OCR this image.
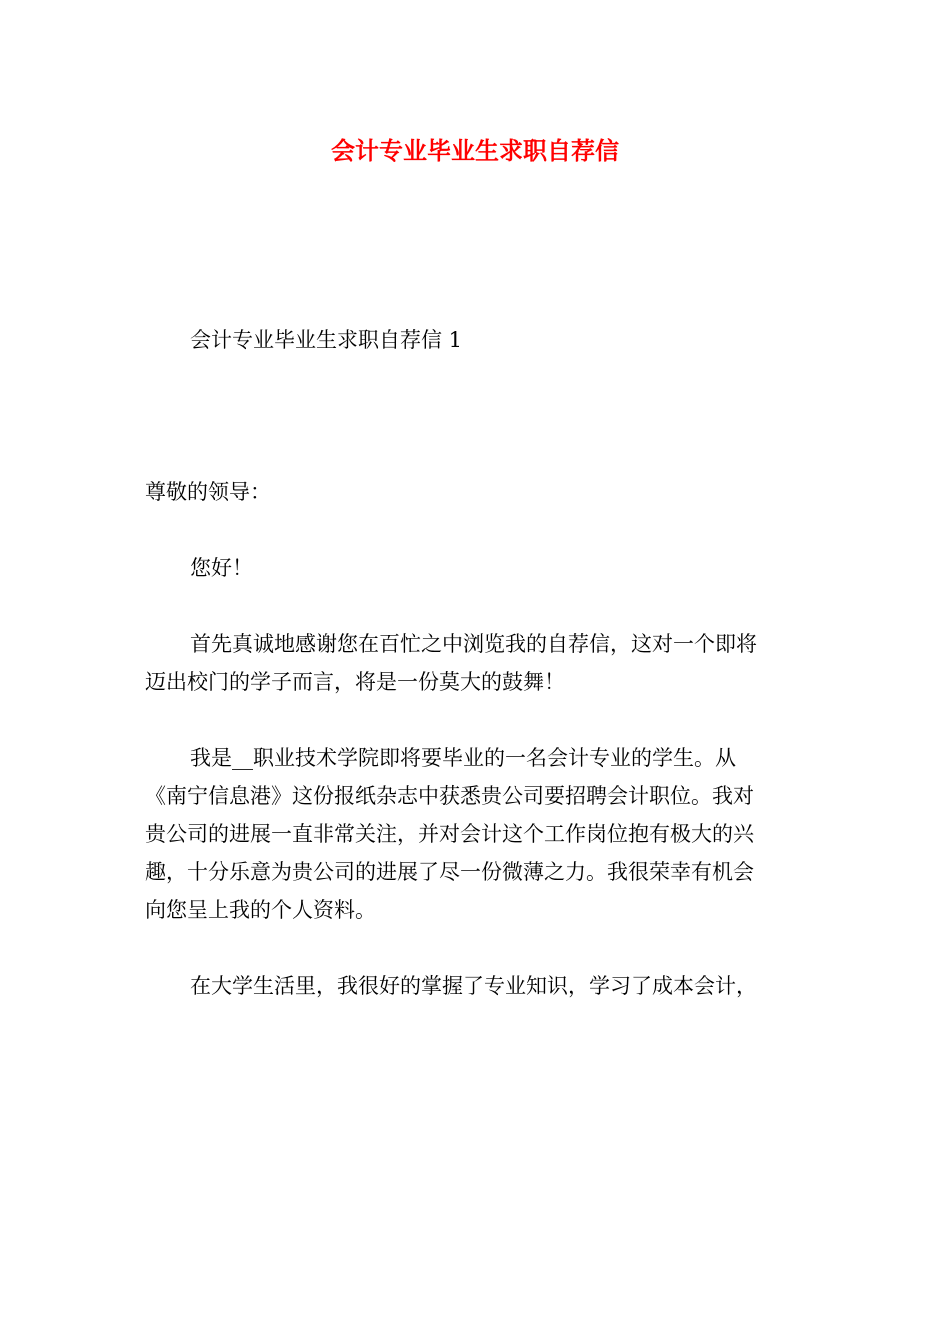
会计专业毕业生求职自荐信

会计专业毕业生求职自荐信 1

尊敬的领导：

您好！

首先真诚地感谢您在百忙之中浏览我的自荐信，这对一个即将

迈出校门的学子而言，将是一份莫大的鼓舞！

我是__职业技术学院即将要毕业的一名会计专业的学生。从

《南宁信息港》这份报纸杂志中获悉贵公司要招聘会计职位。我对

贵公司的进展一直非常关注，并对会计这个工作岗位抱有极大的兴

趣，十分乐意为贵公司的进展了尽一份微薄之力。我很荣幸有机会

向您呈上我的个人资料。

在大学生活里，我很好的掌握了专业知识，学习了成本会计，
